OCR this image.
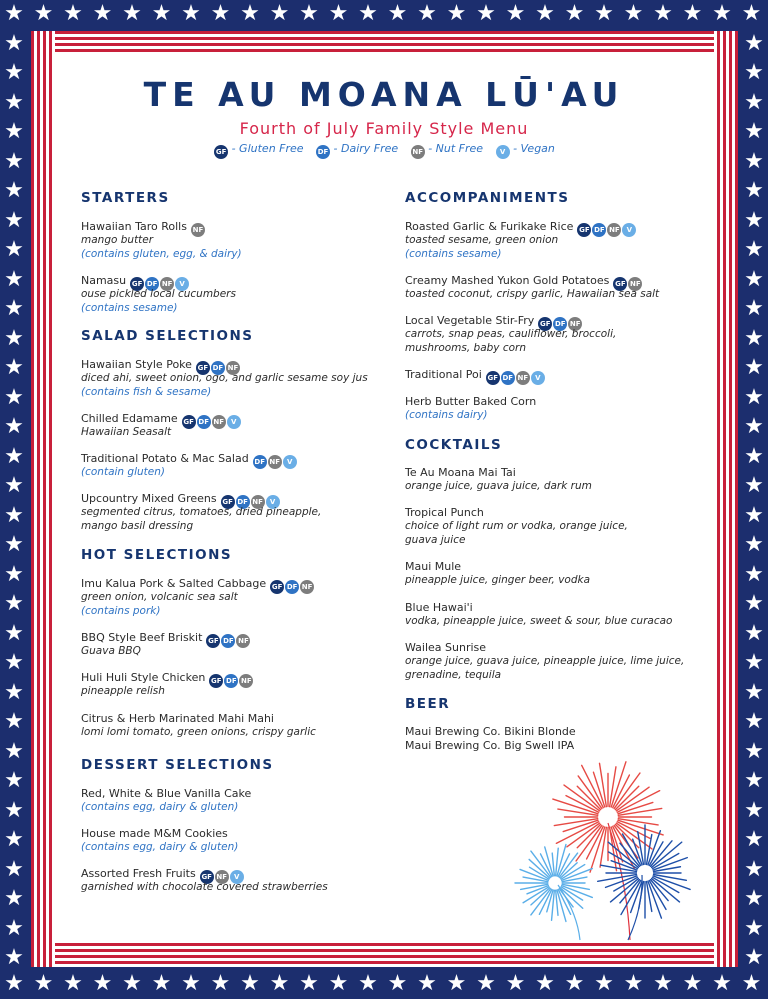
★
★
★
★
★
★
★
★
★
★
★
★
★
★
★
★
★
★
★
★
★
★
★
★
★
★
★
★
★
★
★
★
★
★
★
★
★
★
★
★
★
★
★
★
★
★
★
★
★
★
★
★
★	★
★	★
★	★
★	★
★	★
★	★
★	★
★	★
★	★
★	★
★	★
★	★
★	★
★	★
★	★
★	★
★	★
★	★
★	★
★	★
★	★
★	★
★	★
★	★
★	★
★	★
★	★
★	★
★	★
★	★
★	★
★	★
TE AU MOANA LŪ'AU
Fourth of July Family Style Menu
GF - Gluten Free DF - Dairy Free NF - Nut Free V - Vegan
STARTERS
Hawaiian Taro Rolls NF
mango butter
(contains gluten, egg, & dairy)
Namasu GF DF NF V
ouse pickled local cucumbers
(contains sesame)
SALAD SELECTIONS
Hawaiian Style Poke GF DF NF
diced ahi, sweet onion, ogo, and garlic sesame soy jus
(contains fish & sesame)
Chilled Edamame GF DF NF V
Hawaiian Seasalt
Traditional Potato & Mac Salad DF NF V
(contain gluten)
Upcountry Mixed Greens GF DF NF V
segmented citrus, tomatoes, dried pineapple,
mango basil dressing
HOT SELECTIONS
Imu Kalua Pork & Salted Cabbage GF DF NF
green onion, volcanic sea salt
(contains pork)
BBQ Style Beef Briskit GF DF NF
Guava BBQ
Huli Huli Style Chicken GF DF NF
pineapple relish
Citrus & Herb Marinated Mahi Mahi
lomi lomi tomato, green onions, crispy garlic
DESSERT SELECTIONS
Red, White & Blue Vanilla Cake
(contains egg, dairy & gluten)
House made M&M Cookies
(contains egg, dairy & gluten)
Assorted Fresh Fruits GF NF V
garnished with chocolate covered strawberries
ACCOMPANIMENTS
Roasted Garlic & Furikake Rice GF DF NF V
toasted sesame, green onion
(contains sesame)
Creamy Mashed Yukon Gold Potatoes GF NF
toasted coconut, crispy garlic, Hawaiian sea salt
Local Vegetable Stir-Fry GF DF NF
carrots, snap peas, cauliflower, broccoli,
mushrooms, baby corn
Traditional Poi GF DF NF V
Herb Butter Baked Corn
(contains dairy)
COCKTAILS
Te Au Moana Mai Tai
orange juice, guava juice, dark rum
Tropical Punch
choice of light rum or vodka, orange juice,
guava juice
Maui Mule
pineapple juice, ginger beer, vodka
Blue Hawai'i
vodka, pineapple juice, sweet & sour, blue curacao
Wailea Sunrise
orange juice, guava juice, pineapple juice, lime juice,
grenadine, tequila
BEER
Maui Brewing Co. Bikini Blonde
Maui Brewing Co. Big Swell IPA
